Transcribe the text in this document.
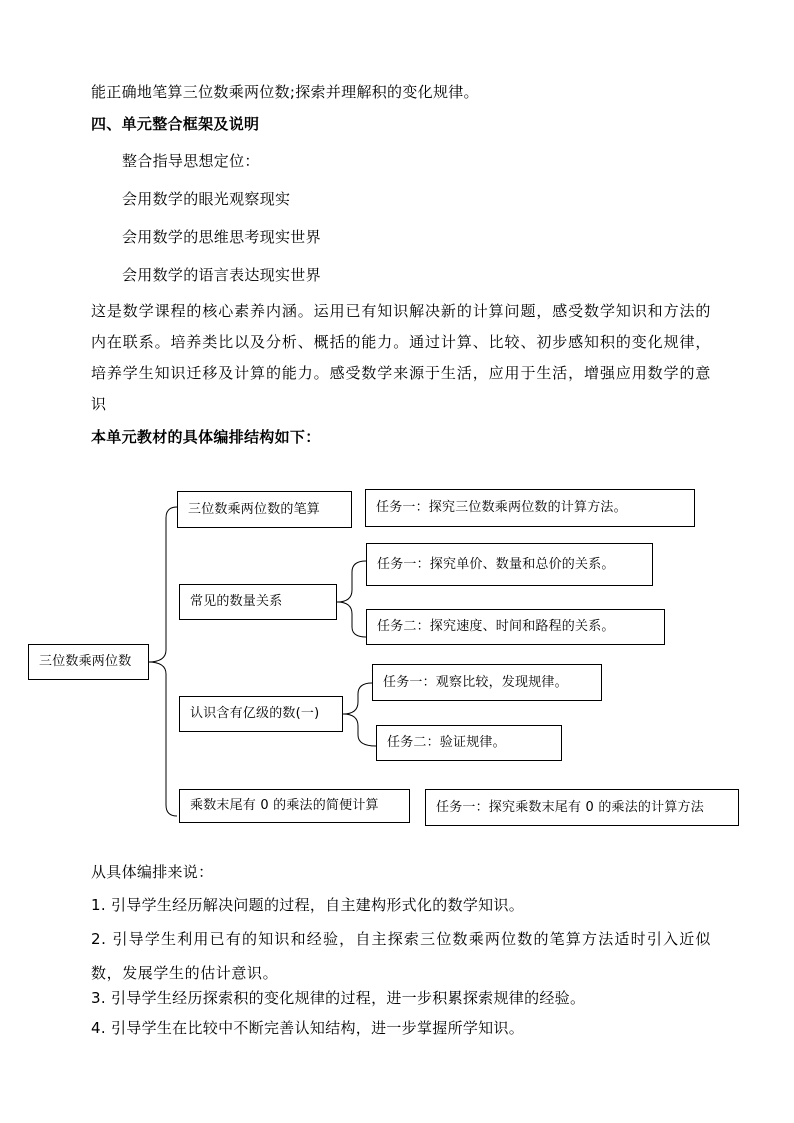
能正确地笔算三位数乘两位数;探索并理解积的变化规律。
四、单元整合框架及说明
整合指导思想定位：
会用数学的眼光观察现实
会用数学的思维思考现实世界
会用数学的语言表达现实世界
这是数学课程的核心素养内涵。运用已有知识解决新的计算问题，感受数学知识和方法的内在联系。培养类比以及分析、概括的能力。通过计算、比较、初步感知积的变化规律，培养学生知识迁移及计算的能力。感受数学来源于生活，应用于生活，增强应用数学的意识
本单元教材的具体编排结构如下：
三位数乘两位数
三位数乘两位数的笔算
常见的数量关系
认识含有亿级的数(一)
乘数末尾有 0 的乘法的简便计算
任务一：探究三位数乘两位数的计算方法。
任务一：探究单价、数量和总价的关系。
任务二：探究速度、时间和路程的关系。
任务一：观察比较，发现规律。
任务二：验证规律。
任务一：探究乘数末尾有 0 的乘法的计算方法
从具体编排来说：
1. 引导学生经历解决问题的过程，自主建构形式化的数学知识。
2. 引导学生利用已有的知识和经验，自主探索三位数乘两位数的笔算方法适时引入近似数，发展学生的估计意识。
3. 引导学生经历探索积的变化规律的过程，进一步积累探索规律的经验。
4. 引导学生在比较中不断完善认知结构，进一步掌握所学知识。
